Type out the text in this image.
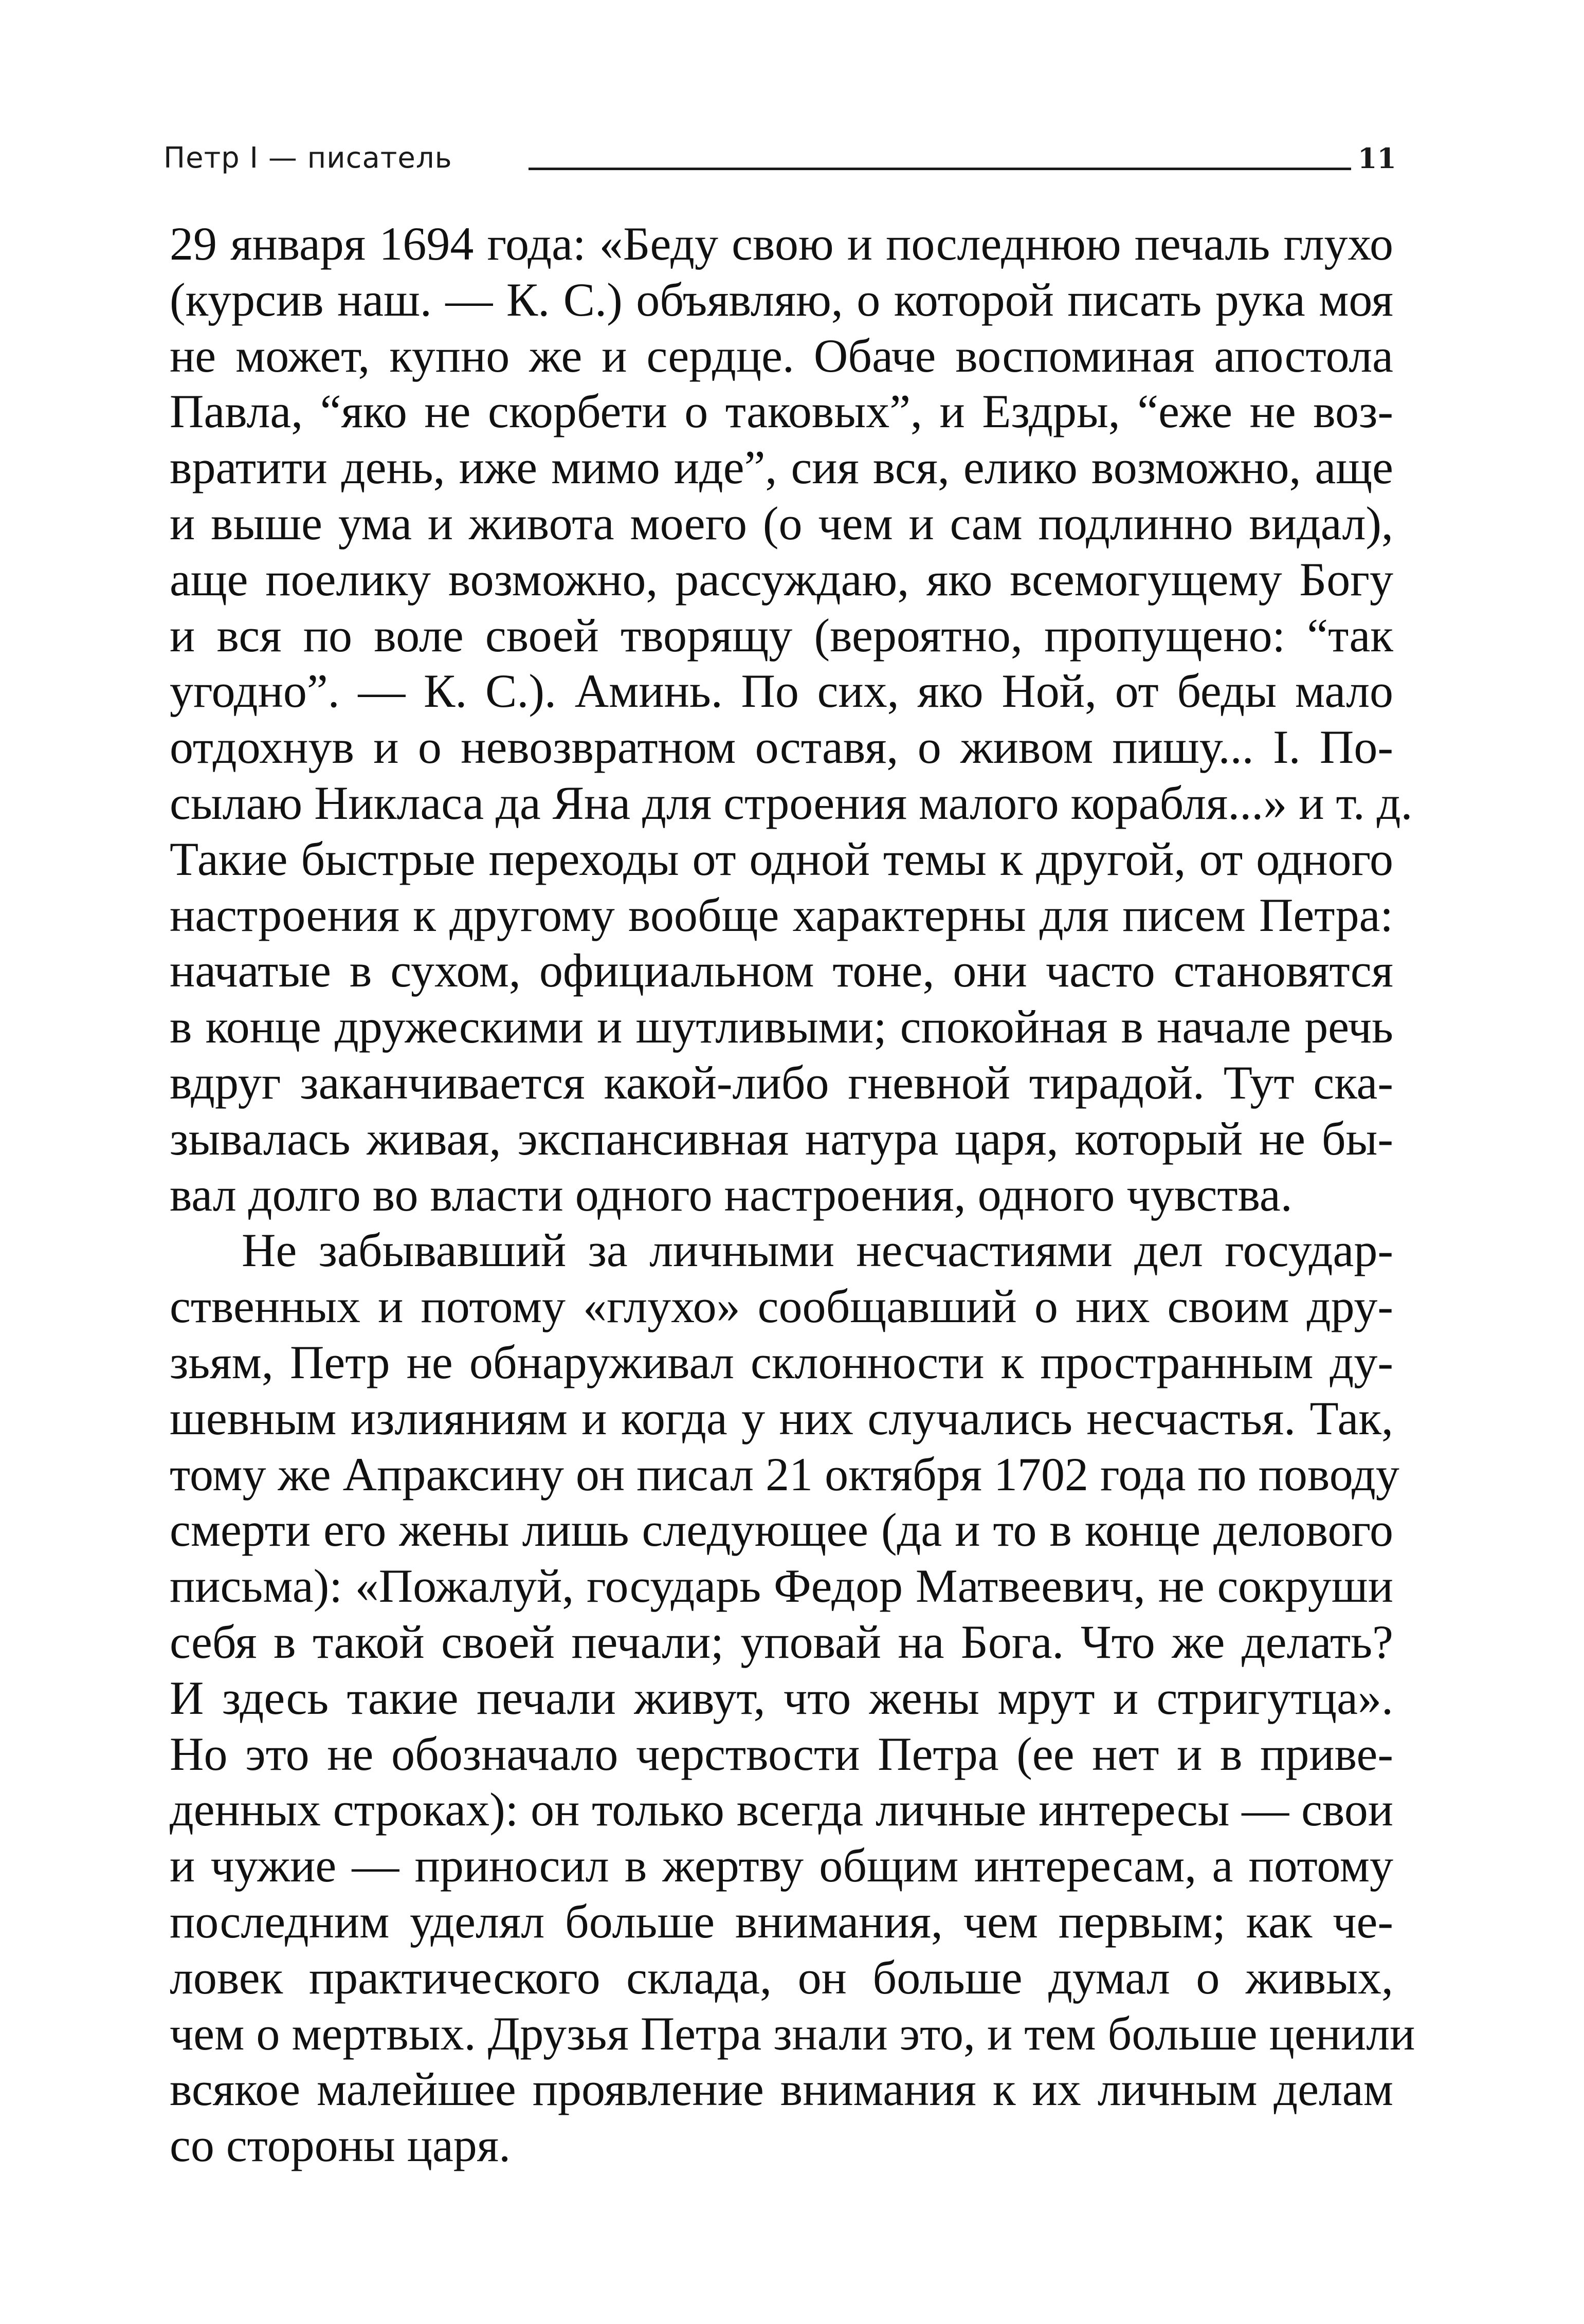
Петр I — писатель	11
29 января 1694 года: «Беду свою и последнюю печаль глухо
(курсив наш. — К. С.) объявляю, о которой писать рука моя
не может, купно же и сердце. Обаче воспоминая апостола
Павла, “яко не скорбети о таковых”, и Ездры, “еже не воз-
вратити день, иже мимо иде”, сия вся, елико возможно, аще
и выше ума и живота моего (о чем и сам подлинно видал),
аще поелику возможно, рассуждаю, яко всемогущему Богу
и вся по воле своей творящу (вероятно, пропущено: “так
угодно”. — К. С.). Аминь. По сих, яко Ной, от беды мало
отдохнув и о невозвратном оставя, о живом пишу... I. По-
сылаю Никласа да Яна для строения малого корабля...» и т. д.
Такие быстрые переходы от одной темы к другой, от одного
настроения к другому вообще характерны для писем Петра:
начатые в сухом, официальном тоне, они часто становятся
в конце дружескими и шутливыми; спокойная в начале речь
вдруг заканчивается какой-либо гневной тирадой. Тут ска-
зывалась живая, экспансивная натура царя, который не бы-
вал долго во власти одного настроения, одного чувства.
Не забывавший за личными несчастиями дел государ-
ственных и потому «глухо» сообщавший о них своим дру-
зьям, Петр не обнаруживал склонности к пространным ду-
шевным излияниям и когда у них случались несчастья. Так,
тому же Апраксину он писал 21 октября 1702 года по поводу
смерти его жены лишь следующее (да и то в конце делового
письма): «Пожалуй, государь Федор Матвеевич, не сокруши
себя в такой своей печали; уповай на Бога. Что же делать?
И здесь такие печали живут, что жены мрут и стригутца».
Но это не обозначало черствости Петра (ее нет и в приве-
денных строках): он только всегда личные интересы — свои
и чужие — приносил в жертву общим интересам, а потому
последним уделял больше внимания, чем первым; как че-
ловек практического склада, он больше думал о живых,
чем о мертвых. Друзья Петра знали это, и тем больше ценили
всякое малейшее проявление внимания к их личным делам
со стороны царя.
